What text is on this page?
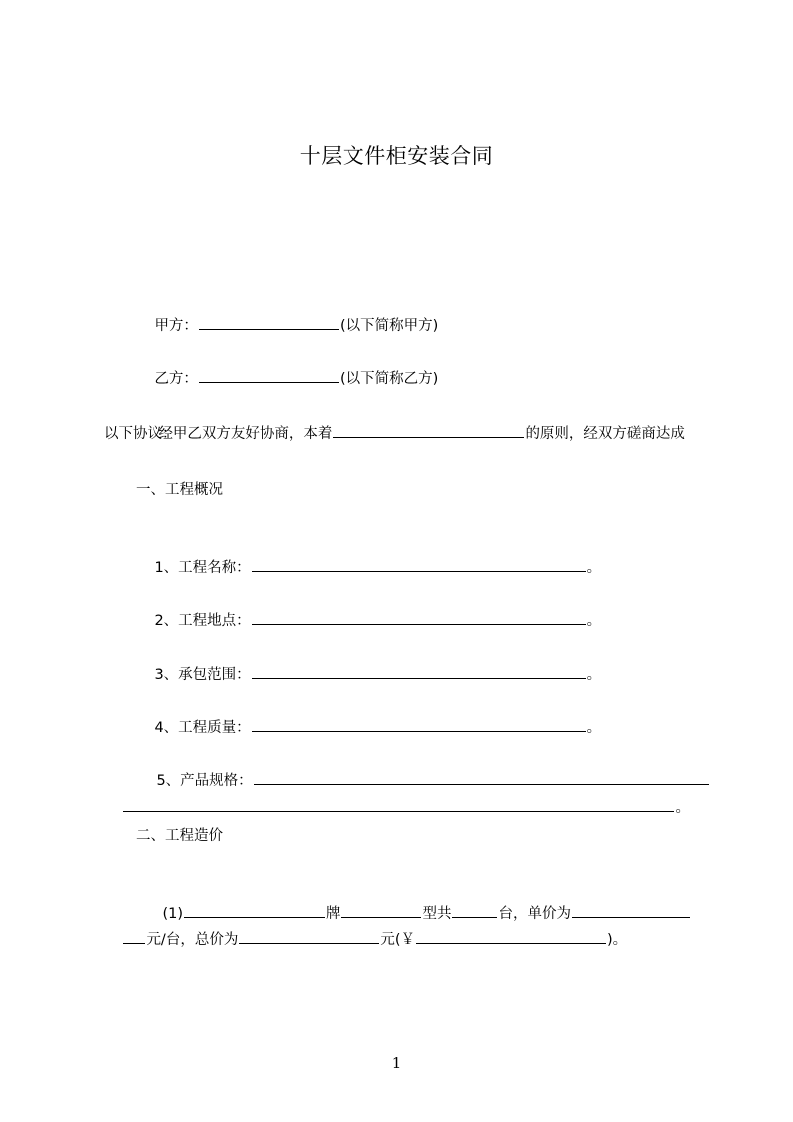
十层文件柜安装合同

甲方：	(以下简称甲方)

乙方：	(以下简称乙方)

经甲乙双方友好协商，本着	的原则，经双方磋商达成

以下协议：
一、工程概况

1、工程名称：	。

2、工程地点：	。

3、承包范围：	。

4、工程质量：	。

5、产品规格：

。

二、工程造价

(1)	牌	型共	台，单价为

元/台，总价为	元(￥	)。

1
